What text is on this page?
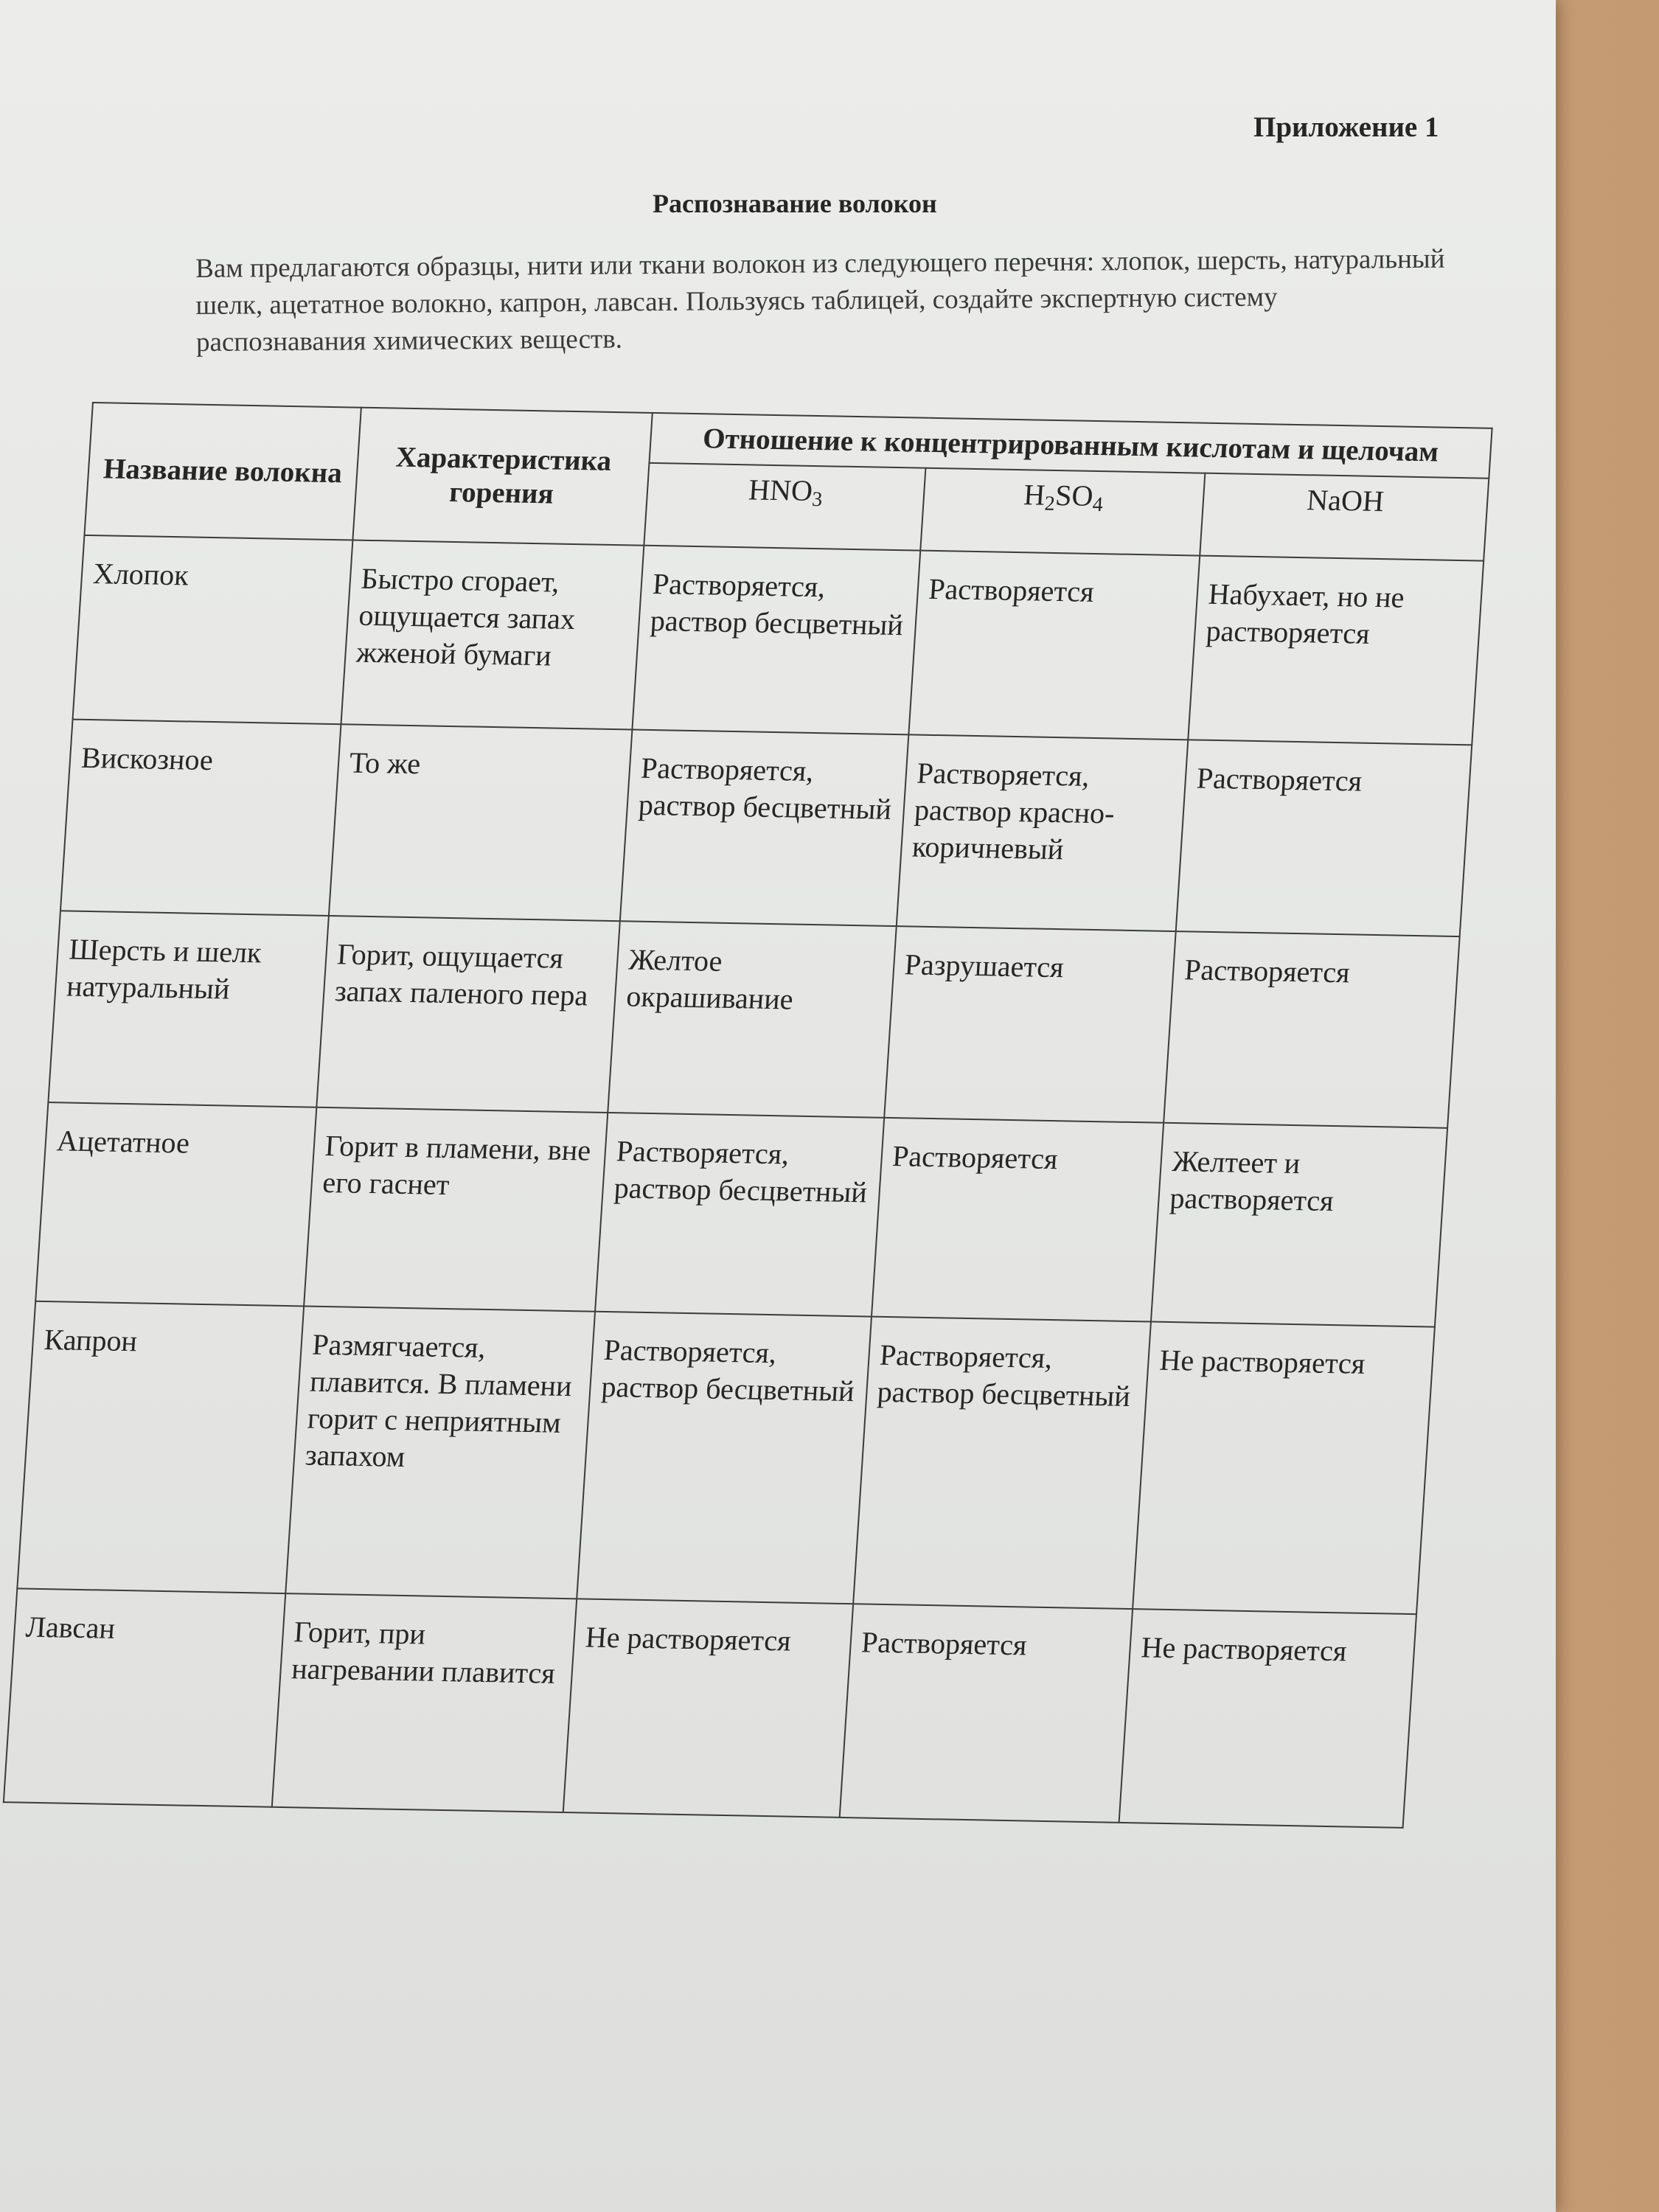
Приложение 1
Распознавание волокон
Вам предлагаются образцы, нити или ткани волокон из следующего перечня: хлопок, шерсть, натуральный шелк, ацетатное волокно, капрон, лавсан. Пользуясь таблицей, создайте экспертную систему распознавания химических веществ.
Название волокна	Характеристика горения	Отношение к концентрированным кислотам и щелочам		
		$HNO_3$	$H_2SO_4$	NaOH
Хлопок	Быстро сгорает, ощущается запах жженой бумаги	Растворяется, раствор бесцветный	Растворяется	Набухает, но не растворяется
Вискозное	То же	Растворяется, раствор бесцветный	Растворяется, раствор красно-коричневый	Растворяется
Шерсть и шелк натуральный	Горит, ощущается запах паленого пера	Желтое окрашивание	Разрушается	Растворяется
Ацетатное	Горит в пламени, вне его гаснет	Растворяется, раствор бесцветный	Растворяется	Желтеет и растворяется
Капрон	Размягчается, плавится. В пламени горит с неприятным запахом	Растворяется, раствор бесцветный	Растворяется, раствор бесцветный	Не растворяется
Лавсан	Горит, при нагревании плавится	Не растворяется	Растворяется	Не растворяется
